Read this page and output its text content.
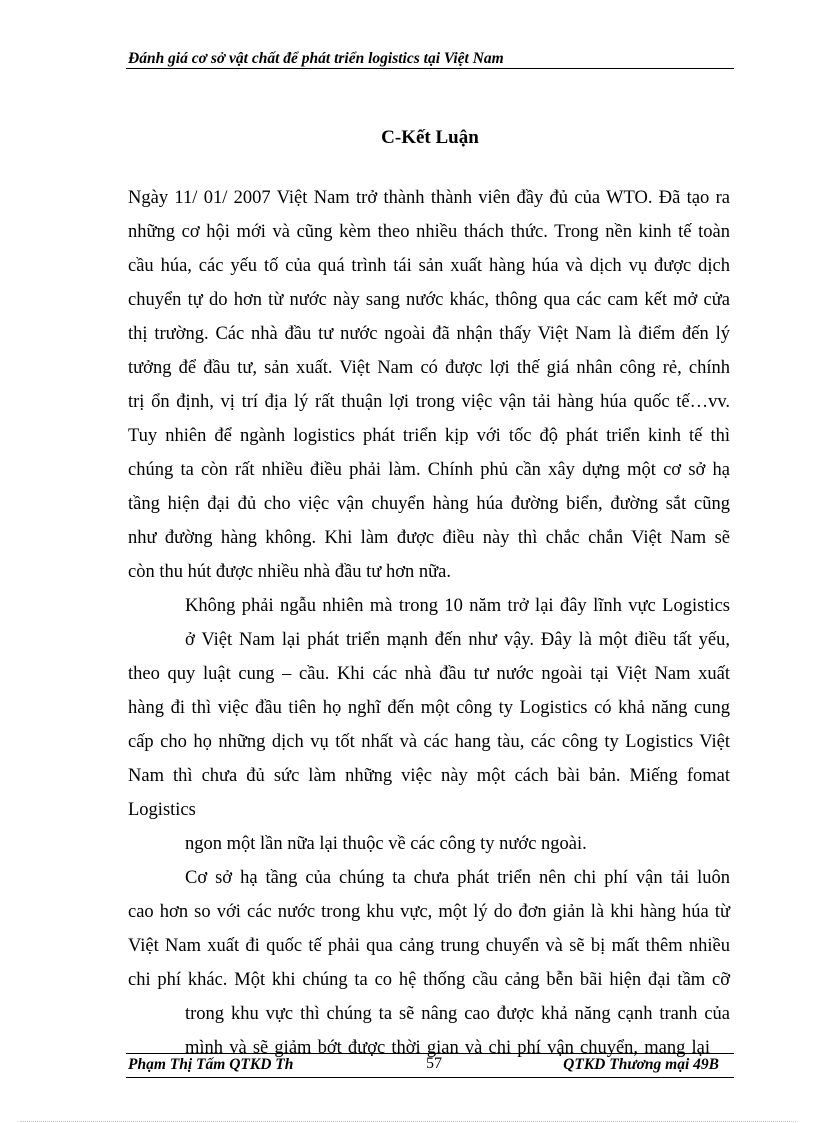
Đánh giá cơ sở vật chất để phát triển logistics tại Việt Nam
C-Kết Luận
Ngày 11/ 01/ 2007 Việt Nam trở thành thành viên đầy đủ của WTO. Đã tạo ra
những cơ hội mới và cũng kèm theo nhiều thách thức. Trong nền kinh tế toàn
cầu húa, các yếu tố của quá trình tái sản xuất hàng húa và dịch vụ được dịch
chuyển tự do hơn từ nước này sang nước khác, thông qua các cam kết mở cửa
thị trường. Các nhà đầu tư nước ngoài đã nhận thấy Việt Nam là điểm đến lý
tưởng để đầu tư, sản xuất. Việt Nam có được lợi thế giá nhân công rẻ, chính
trị ổn định, vị trí địa lý rất thuận lợi trong việc vận tải hàng húa quốc tế…vv.
Tuy nhiên để ngành logistics phát triển kịp với tốc độ phát triển kinh tế thì
chúng ta còn rất nhiều điều phải làm. Chính phủ cần xây dựng một cơ sở hạ
tầng hiện đại đủ cho việc vận chuyển hàng húa đường biển, đường sắt cũng
như đường hàng không. Khi làm được điều này thì chắc chắn Việt Nam sẽ
còn thu hút được nhiều nhà đầu tư hơn nữa.
Không phải ngẫu nhiên mà trong 10 năm trở lại đây lĩnh vực Logistics
ở Việt Nam lại phát triển mạnh đến như vậy. Đây là một điều tất yếu,
theo quy luật cung – cầu. Khi các nhà đầu tư nước ngoài tại Việt Nam xuất
hàng đi thì việc đầu tiên họ nghĩ đến một công ty Logistics có khả năng cung
cấp cho họ những dịch vụ tốt nhất và các hang tàu, các công ty Logistics Việt
Nam thì chưa đủ sức làm những việc này một cách bài bản. Miếng fomat
Logistics
ngon một lần nữa lại thuộc về các công ty nước ngoài.
Cơ sở hạ tầng của chúng ta chưa phát triển nên chi phí vận tải luôn
cao hơn so với các nước trong khu vực, một lý do đơn giản là khi hàng húa từ
Việt Nam xuất đi quốc tế phải qua cảng trung chuyển và sẽ bị mất thêm nhiều
chi phí khác. Một khi chúng ta co hệ thống cầu cảng bễn bãi hiện đại tầm cỡ
trong khu vực thì chúng ta sẽ nâng cao được khả năng cạnh tranh của
mình và sẽ giảm bớt được thời gian và chi phí vận chuyển, mang lại
Phạm Thị Tấm QTKD Th	57	QTKD Thương mại 49B
